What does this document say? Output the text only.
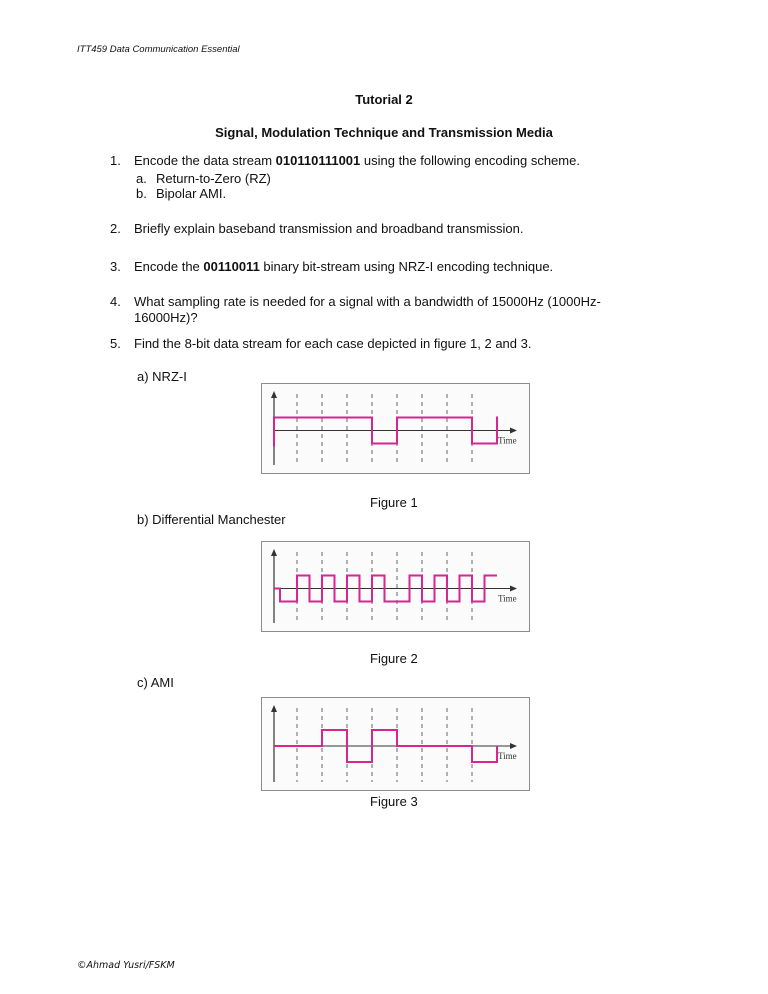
ITT459 Data Communication Essential
Tutorial 2
Signal, Modulation Technique and Transmission Media
1. Encode the data stream 010110111001 using the following encoding scheme.
a. Return-to-Zero (RZ)
b. Bipolar AMI.
2. Briefly explain baseband transmission and broadband transmission.
3. Encode the 00110011 binary bit-stream using NRZ-I encoding technique.
4. What sampling rate is needed for a signal with a bandwidth of 15000Hz (1000Hz-
16000Hz)?
5. Find the 8-bit data stream for each case depicted in figure 1, 2 and 3.
a) NRZ-I
Time
Figure 1
b) Differential Manchester
Time
Figure 2
c) AMI
Time
Figure 3
©Ahmad Yusri/FSKM
